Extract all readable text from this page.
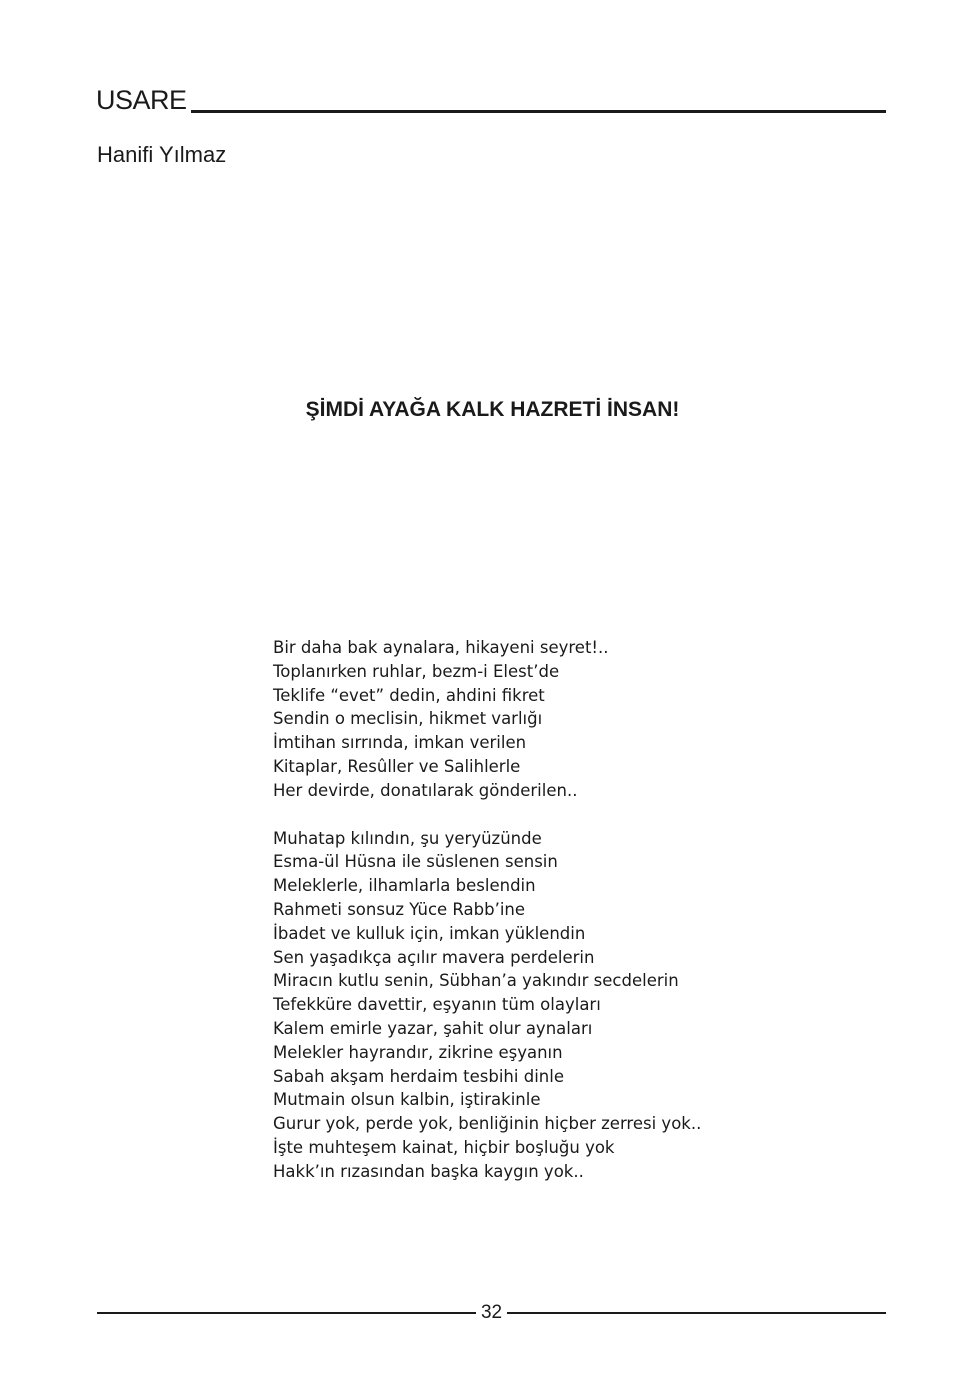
USARE
Hanifi Yılmaz
ŞİMDİ AYAĞA KALK HAZRETİ İNSAN!
Bir daha bak aynalara, hikayeni seyret!..
Toplanırken ruhlar, bezm-i Elest’de
Teklife “evet” dedin, ahdini fikret
Sendin o meclisin, hikmet varlığı
İmtihan sırrında, imkan verilen
Kitaplar, Resûller ve Salihlerle
Her devirde, donatılarak gönderilen..
Muhatap kılındın, şu yeryüzünde
Esma-ül Hüsna ile süslenen sensin
Meleklerle, ilhamlarla beslendin
Rahmeti sonsuz Yüce Rabb’ine
İbadet ve kulluk için, imkan yüklendin
Sen yaşadıkça açılır mavera perdelerin
Miracın kutlu senin, Sübhan’a yakındır secdelerin
Tefekküre davettir, eşyanın tüm olayları
Kalem emirle yazar, şahit olur aynaları
Melekler hayrandır, zikrine eşyanın
Sabah akşam herdaim tesbihi dinle
Mutmain olsun kalbin, iştirakinle
Gurur yok, perde yok, benliğinin hiçber zerresi yok..
İşte muhteşem kainat, hiçbir boşluğu yok
Hakk’ın rızasından başka kaygın yok..
32
